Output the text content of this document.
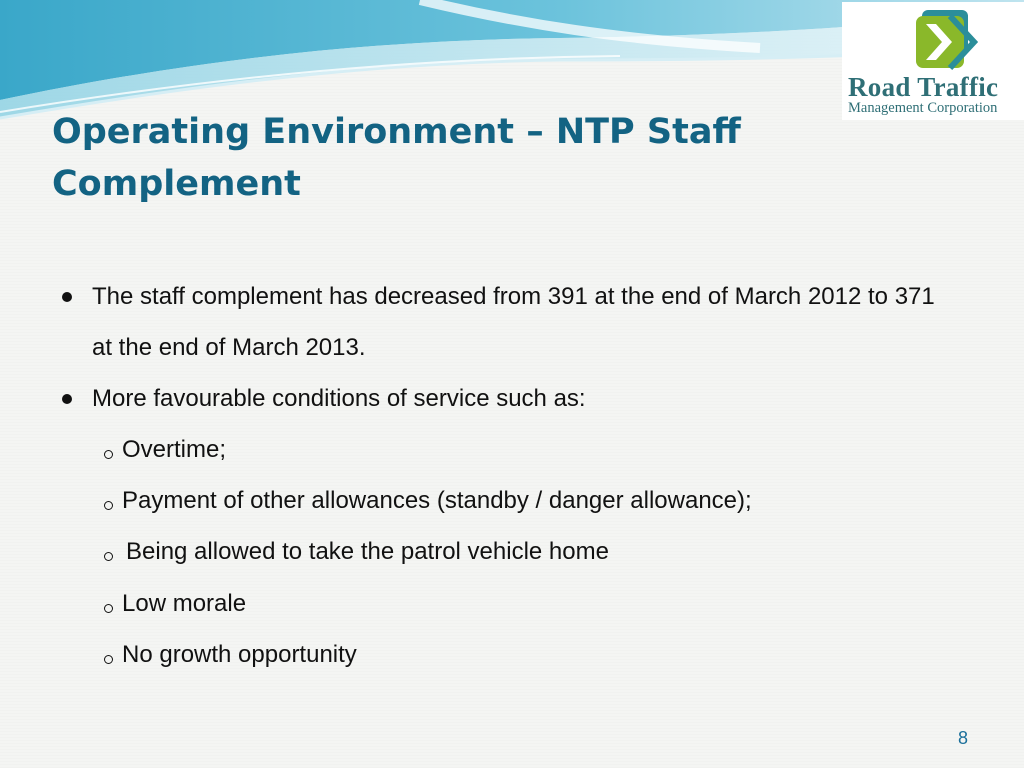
Road Traffic
Management Corporation
Operating Environment – NTP Staff Complement
The staff complement has decreased from 391 at the end of March 2012 to 371 at the end of March 2013.
More favourable conditions of service such as:
Overtime;
Payment of other allowances (standby / danger allowance);
Being allowed to take the patrol vehicle home
Low morale
No growth opportunity
8
